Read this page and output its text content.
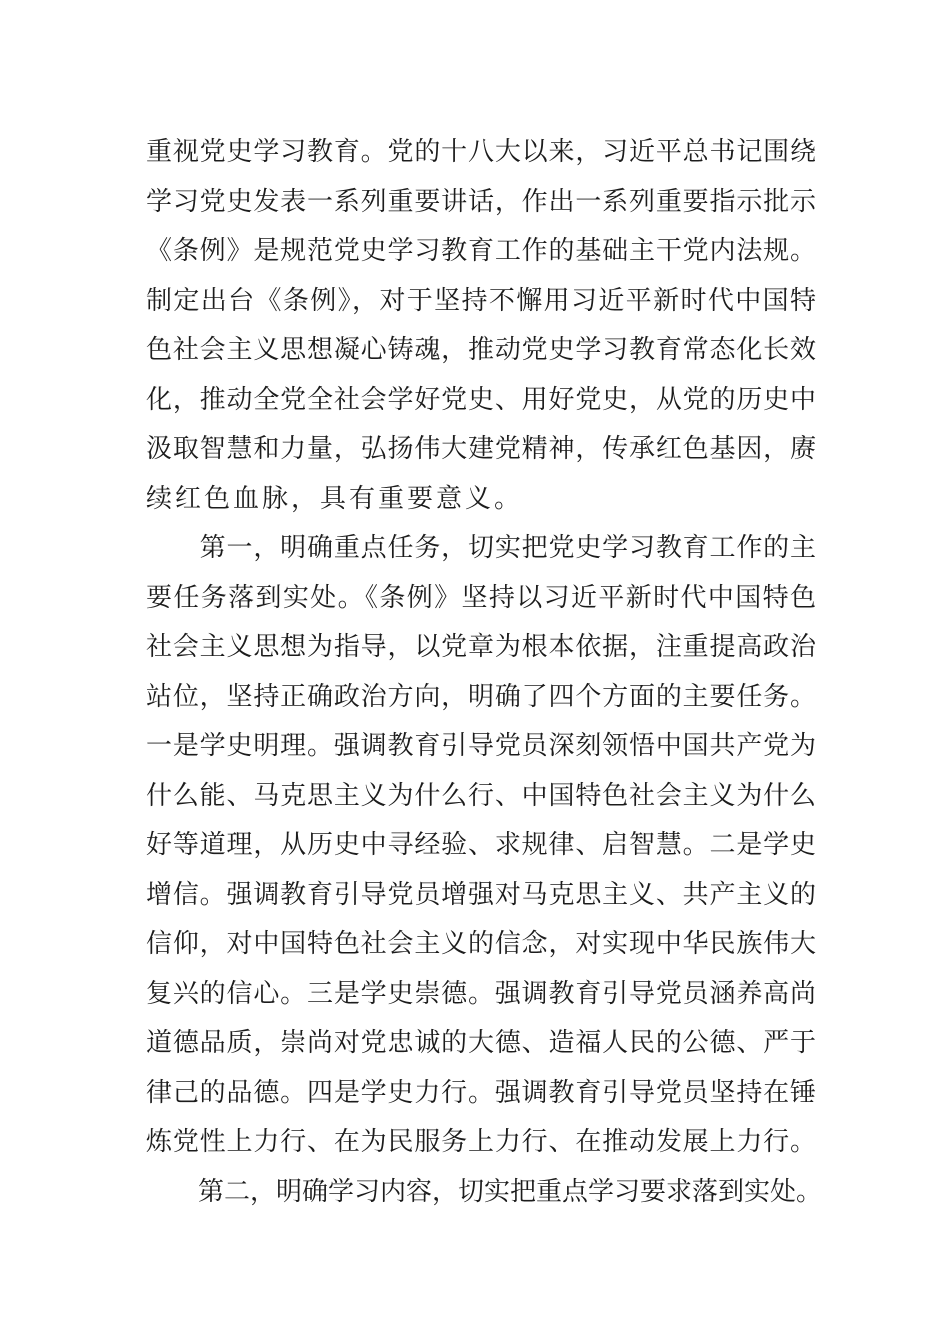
重视党史学习教育。党的十八大以来，习近平总书记围绕
学习党史发表一系列重要讲话，作出一系列重要指示批示
《条例》是规范党史学习教育工作的基础主干党内法规。
制定出台《条例》，对于坚持不懈用习近平新时代中国特
色社会主义思想凝心铸魂，推动党史学习教育常态化长效
化，推动全党全社会学好党史、用好党史，从党的历史中
汲取智慧和力量，弘扬伟大建党精神，传承红色基因，赓
续红色血脉，具有重要意义。
　　第一，明确重点任务，切实把党史学习教育工作的主
要任务落到实处。《条例》坚持以习近平新时代中国特色
社会主义思想为指导，以党章为根本依据，注重提高政治
站位，坚持正确政治方向，明确了四个方面的主要任务。
一是学史明理。强调教育引导党员深刻领悟中国共产党为
什么能、马克思主义为什么行、中国特色社会主义为什么
好等道理，从历史中寻经验、求规律、启智慧。二是学史
增信。强调教育引导党员增强对马克思主义、共产主义的
信仰，对中国特色社会主义的信念，对实现中华民族伟大
复兴的信心。三是学史崇德。强调教育引导党员涵养高尚
道德品质，崇尚对党忠诚的大德、造福人民的公德、严于
律己的品德。四是学史力行。强调教育引导党员坚持在锤
炼党性上力行、在为民服务上力行、在推动发展上力行。
　　第二，明确学习内容，切实把重点学习要求落到实处。
